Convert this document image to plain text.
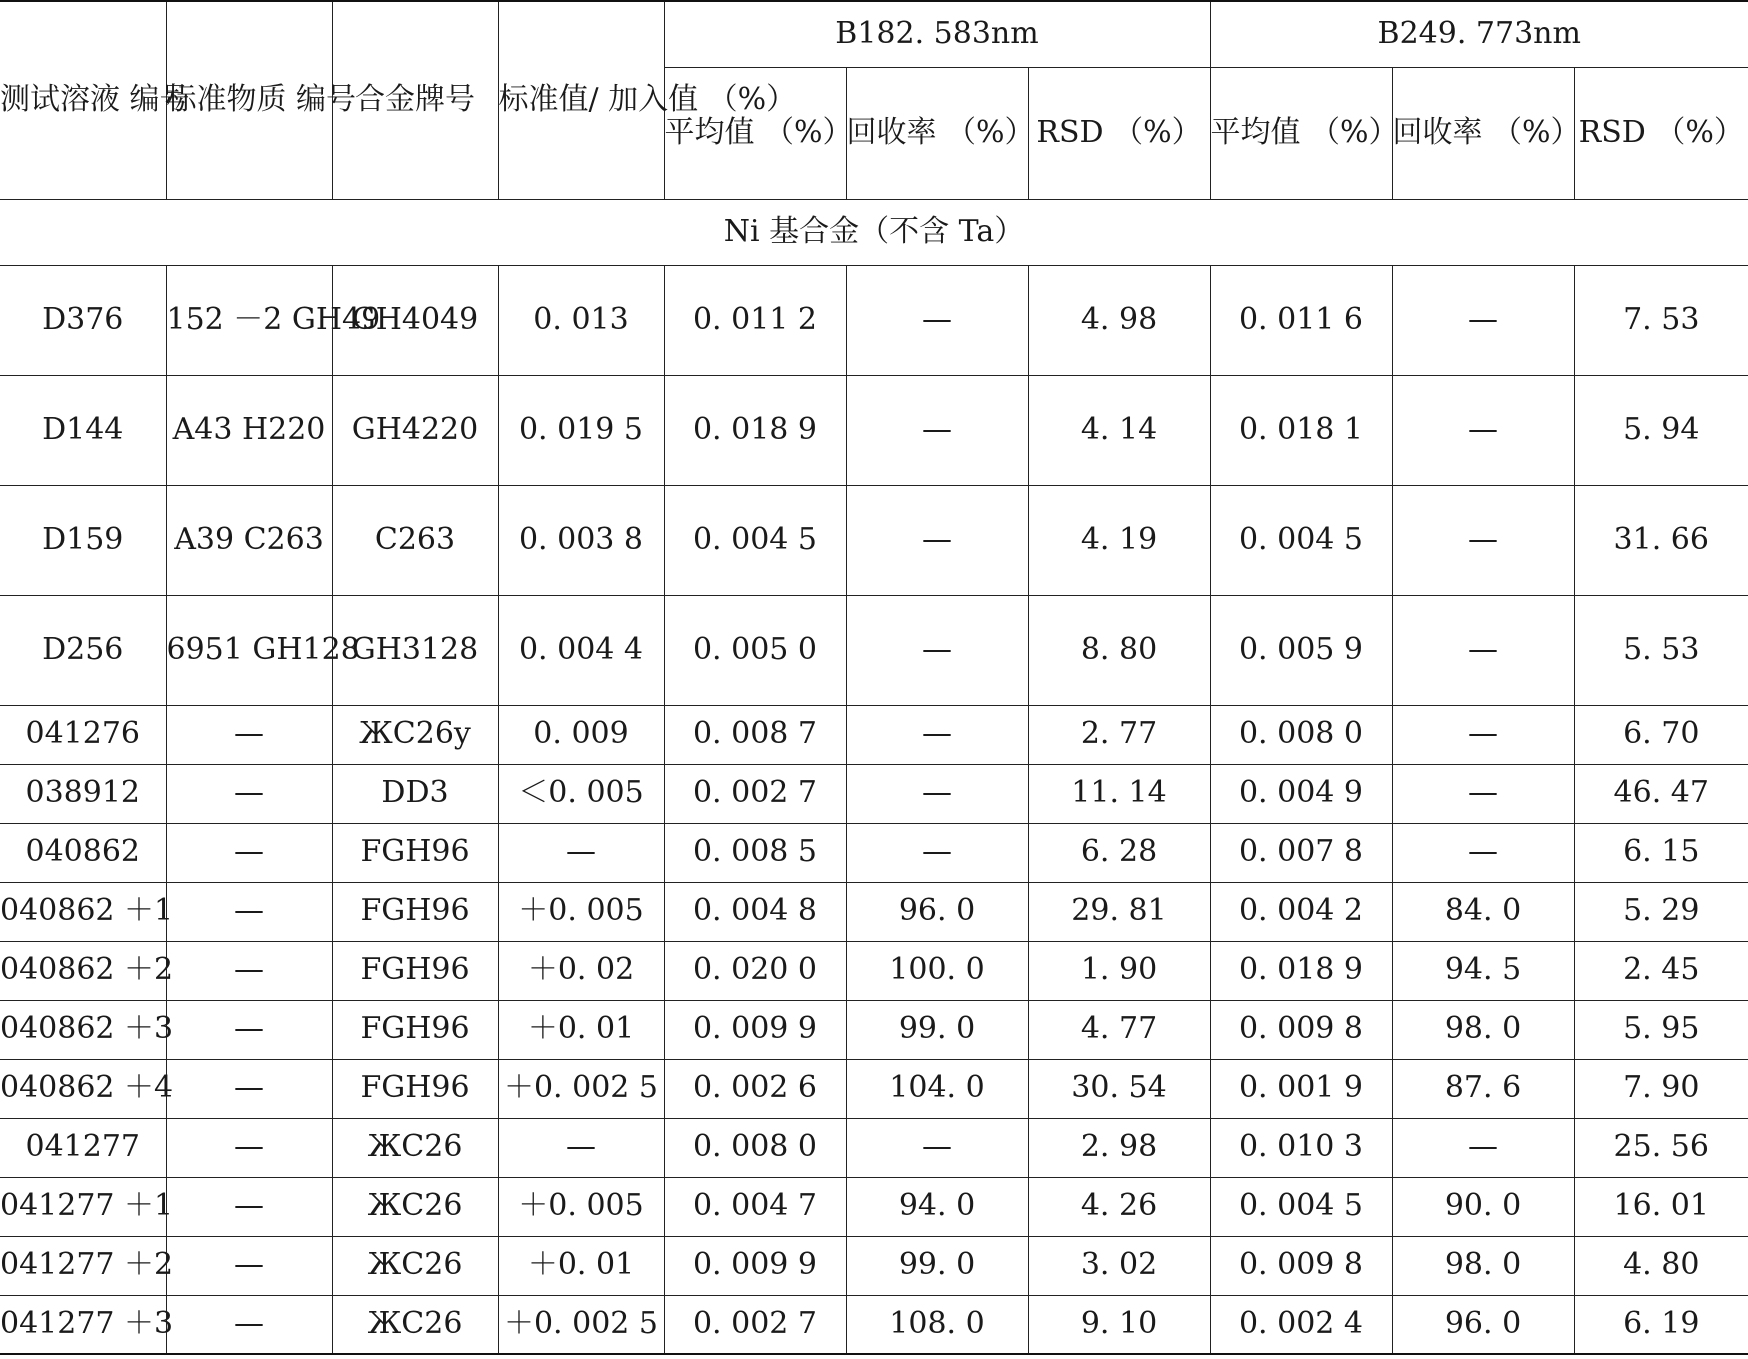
测试溶液 编号	标准物质 编号	合金牌号	标准值/ 加入值 （%）	B182. 583nm			B249. 773nm		
				平均值 （%）	回收率 （%）	RSD （%）	平均值 （%）	回收率 （%）	RSD （%）
Ni 基合金（不含 Ta）									
D376	152 －2 GH49	GH4049	0. 013	0. 011 2	—	4. 98	0. 011 6	—	7. 53
D144	A43 H220	GH4220	0. 019 5	0. 018 9	—	4. 14	0. 018 1	—	5. 94
D159	A39 C263	C263	0. 003 8	0. 004 5	—	4. 19	0. 004 5	—	31. 66
D256	6951 GH128	GH3128	0. 004 4	0. 005 0	—	8. 80	0. 005 9	—	5. 53
041276	—	ЖC26y	0. 009	0. 008 7	—	2. 77	0. 008 0	—	6. 70
038912	—	DD3	＜0. 005	0. 002 7	—	11. 14	0. 004 9	—	46. 47
040862	—	FGH96	—	0. 008 5	—	6. 28	0. 007 8	—	6. 15
040862 ＋1	—	FGH96	＋0. 005	0. 004 8	96. 0	29. 81	0. 004 2	84. 0	5. 29
040862 ＋2	—	FGH96	＋0. 02	0. 020 0	100. 0	1. 90	0. 018 9	94. 5	2. 45
040862 ＋3	—	FGH96	＋0. 01	0. 009 9	99. 0	4. 77	0. 009 8	98. 0	5. 95
040862 ＋4	—	FGH96	＋0. 002 5	0. 002 6	104. 0	30. 54	0. 001 9	87. 6	7. 90
041277	—	ЖC26	—	0. 008 0	—	2. 98	0. 010 3	—	25. 56
041277 ＋1	—	ЖC26	＋0. 005	0. 004 7	94. 0	4. 26	0. 004 5	90. 0	16. 01
041277 ＋2	—	ЖC26	＋0. 01	0. 009 9	99. 0	3. 02	0. 009 8	98. 0	4. 80
041277 ＋3	—	ЖC26	＋0. 002 5	0. 002 7	108. 0	9. 10	0. 002 4	96. 0	6. 19
